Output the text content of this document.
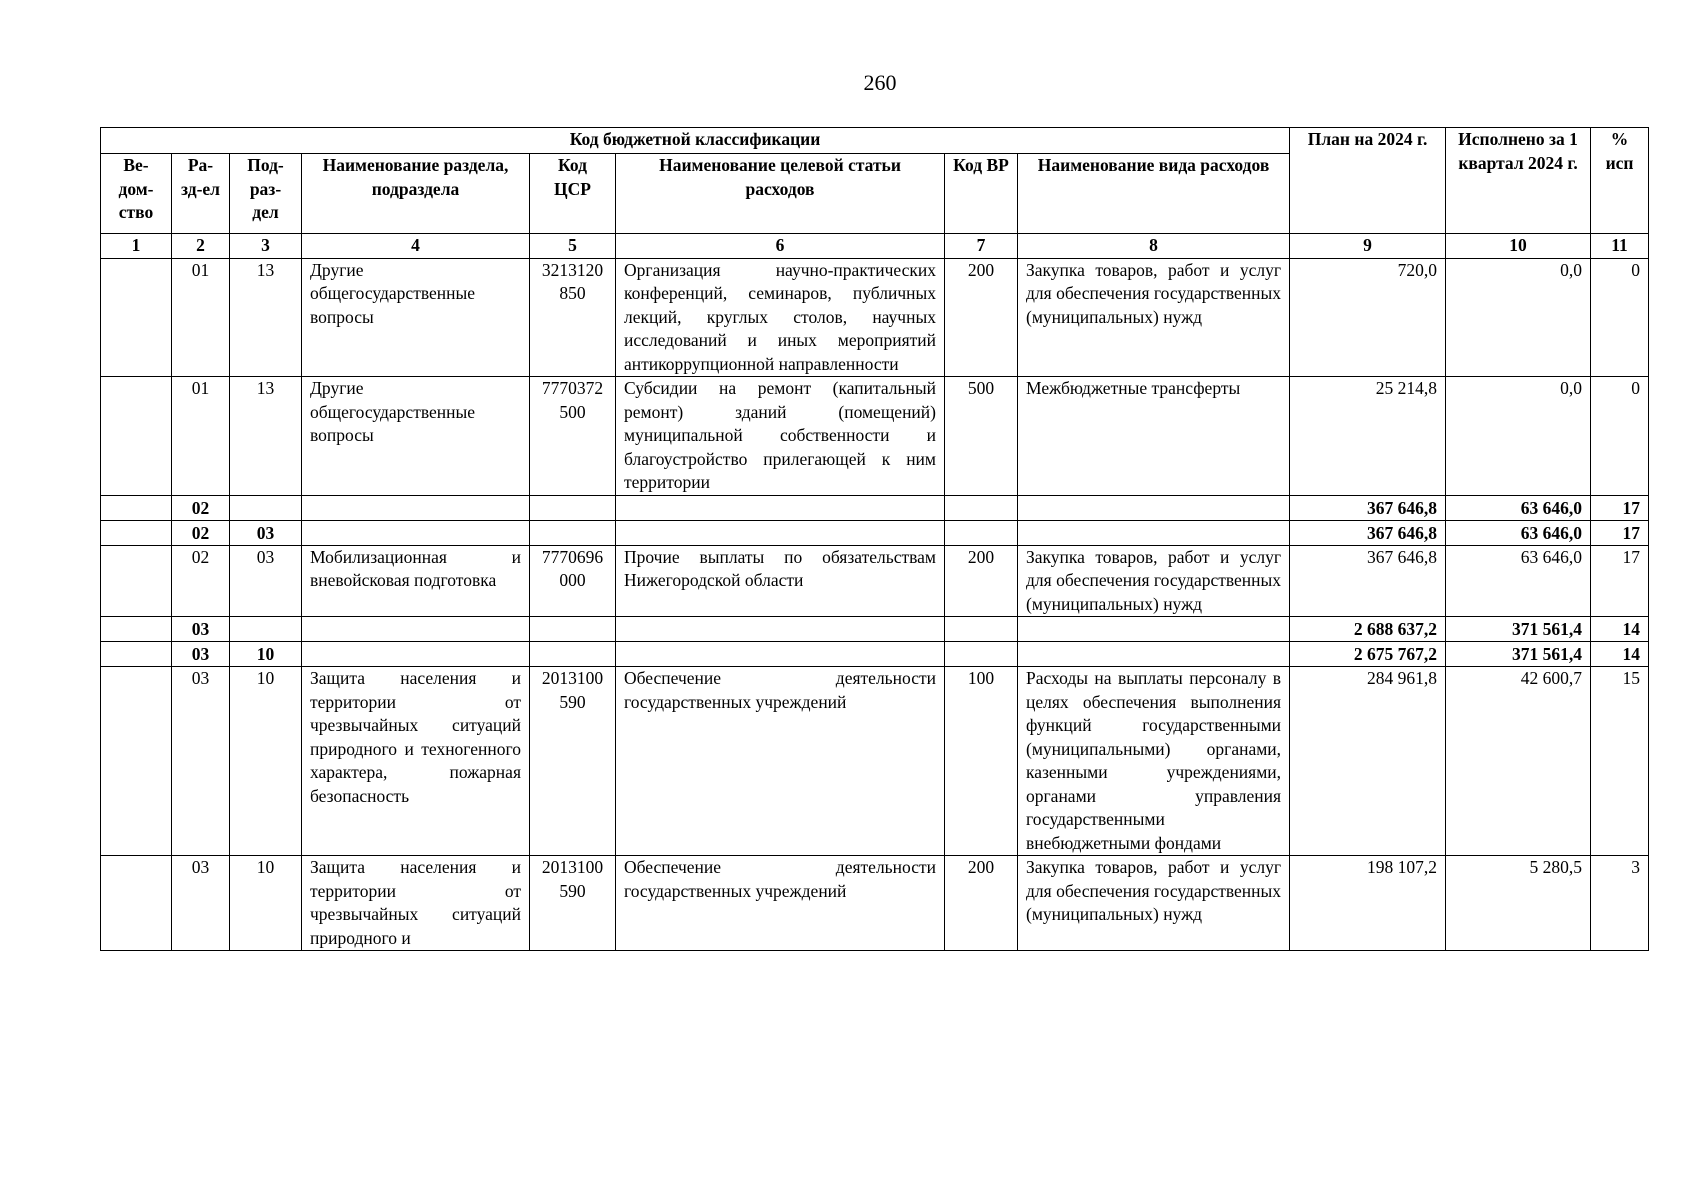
260
Код бюджетной классификации								План на 2024 г.	Исполнено за 1 квартал 2024 г.	% исп
Ве-дом-ство	Ра-зд-ел	Под-раз-дел	Наименование раздела, подраздела	Код ЦСР	Наименование целевой статьи расходов	Код ВР	Наименование вида расходов			
1	2	3	4	5	6	7	8	9	10	11
	01	13	Другие общегосударственные вопросы	3213120850	Организация научно-практических конференций, семинаров, публичных лекций, круглых столов, научных исследований и иных мероприятий антикоррупционной направленности	200	Закупка товаров, работ и услуг для обеспечения государственных (муниципальных) нужд	720,0	0,0	0
	01	13	Другие общегосударственные вопросы	7770372500	Субсидии на ремонт (капитальный ремонт) зданий (помещений) муниципальной собственности и благоустройство прилегающей к ним территории	500	Межбюджетные трансферты	25 214,8	0,0	0
	02							367 646,8	63 646,0	17
	02	03						367 646,8	63 646,0	17
	02	03	Мобилизационная и вневойсковая подготовка	7770696000	Прочие выплаты по обязательствам Нижегородской области	200	Закупка товаров, работ и услуг для обеспечения государственных (муниципальных) нужд	367 646,8	63 646,0	17
	03							2 688 637,2	371 561,4	14
	03	10						2 675 767,2	371 561,4	14
	03	10	Защита населения и территории от чрезвычайных ситуаций природного и техногенного характера, пожарная безопасность	2013100590	Обеспечение деятельности государственных учреждений	100	Расходы на выплаты персоналу в целях обеспечения выполнения функций государственными (муниципальными) органами, казенными учреждениями, органами управления государственными внебюджетными фондами	284 961,8	42 600,7	15
	03	10	Защита населения и территории от чрезвычайных ситуаций природного и	2013100590	Обеспечение деятельности государственных учреждений	200	Закупка товаров, работ и услуг для обеспечения государственных (муниципальных) нужд	198 107,2	5 280,5	3
